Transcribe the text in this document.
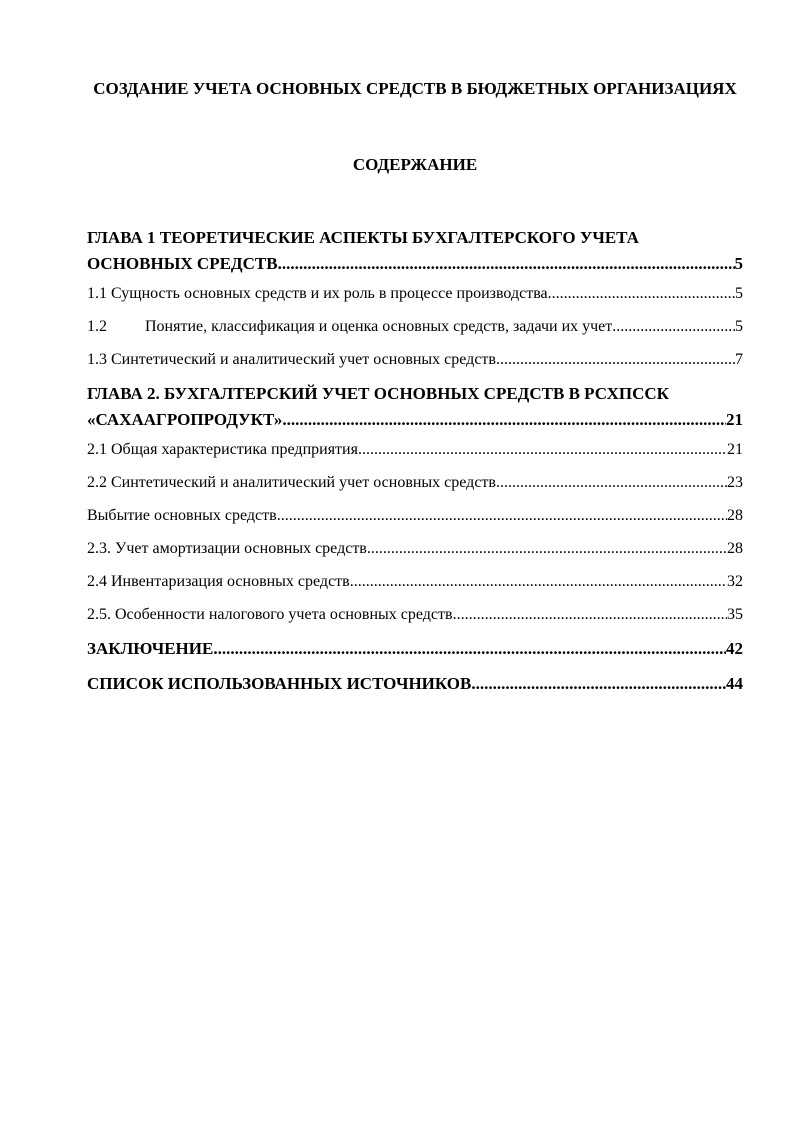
СОЗДАНИЕ УЧЕТА ОСНОВНЫХ СРЕДСТВ В БЮДЖЕТНЫХ ОРГАНИЗАЦИЯХ
СОДЕРЖАНИЕ
ГЛАВА 1 ТЕОРЕТИЧЕСКИЕ АСПЕКТЫ БУХГАЛТЕРСКОГО УЧЕТА
ОСНОВНЫХ СРЕДСТВ .....	5
1.1 Сущность основных средств и их роль в процессе производства .....	5
1.2 Понятие, классификация и оценка основных средств, задачи их учет .....	5
1.3 Синтетический и аналитический учет основных средств .....	7
ГЛАВА 2. БУХГАЛТЕРСКИЙ УЧЕТ ОСНОВНЫХ СРЕДСТВ В РСХПССК
«САХААГРОПРОДУКТ» .....	21
2.1 Общая характеристика предприятия .....	21
2.2 Синтетический и аналитический учет основных средств .....	23
Выбытие основных средств .....	28
2.3. Учет амортизации основных средств .....	28
2.4 Инвентаризация основных средств .....	32
2.5. Особенности налогового учета основных средств .....	35
ЗАКЛЮЧЕНИЕ .....	42
СПИСОК ИСПОЛЬЗОВАННЫХ ИСТОЧНИКОВ .....	44
